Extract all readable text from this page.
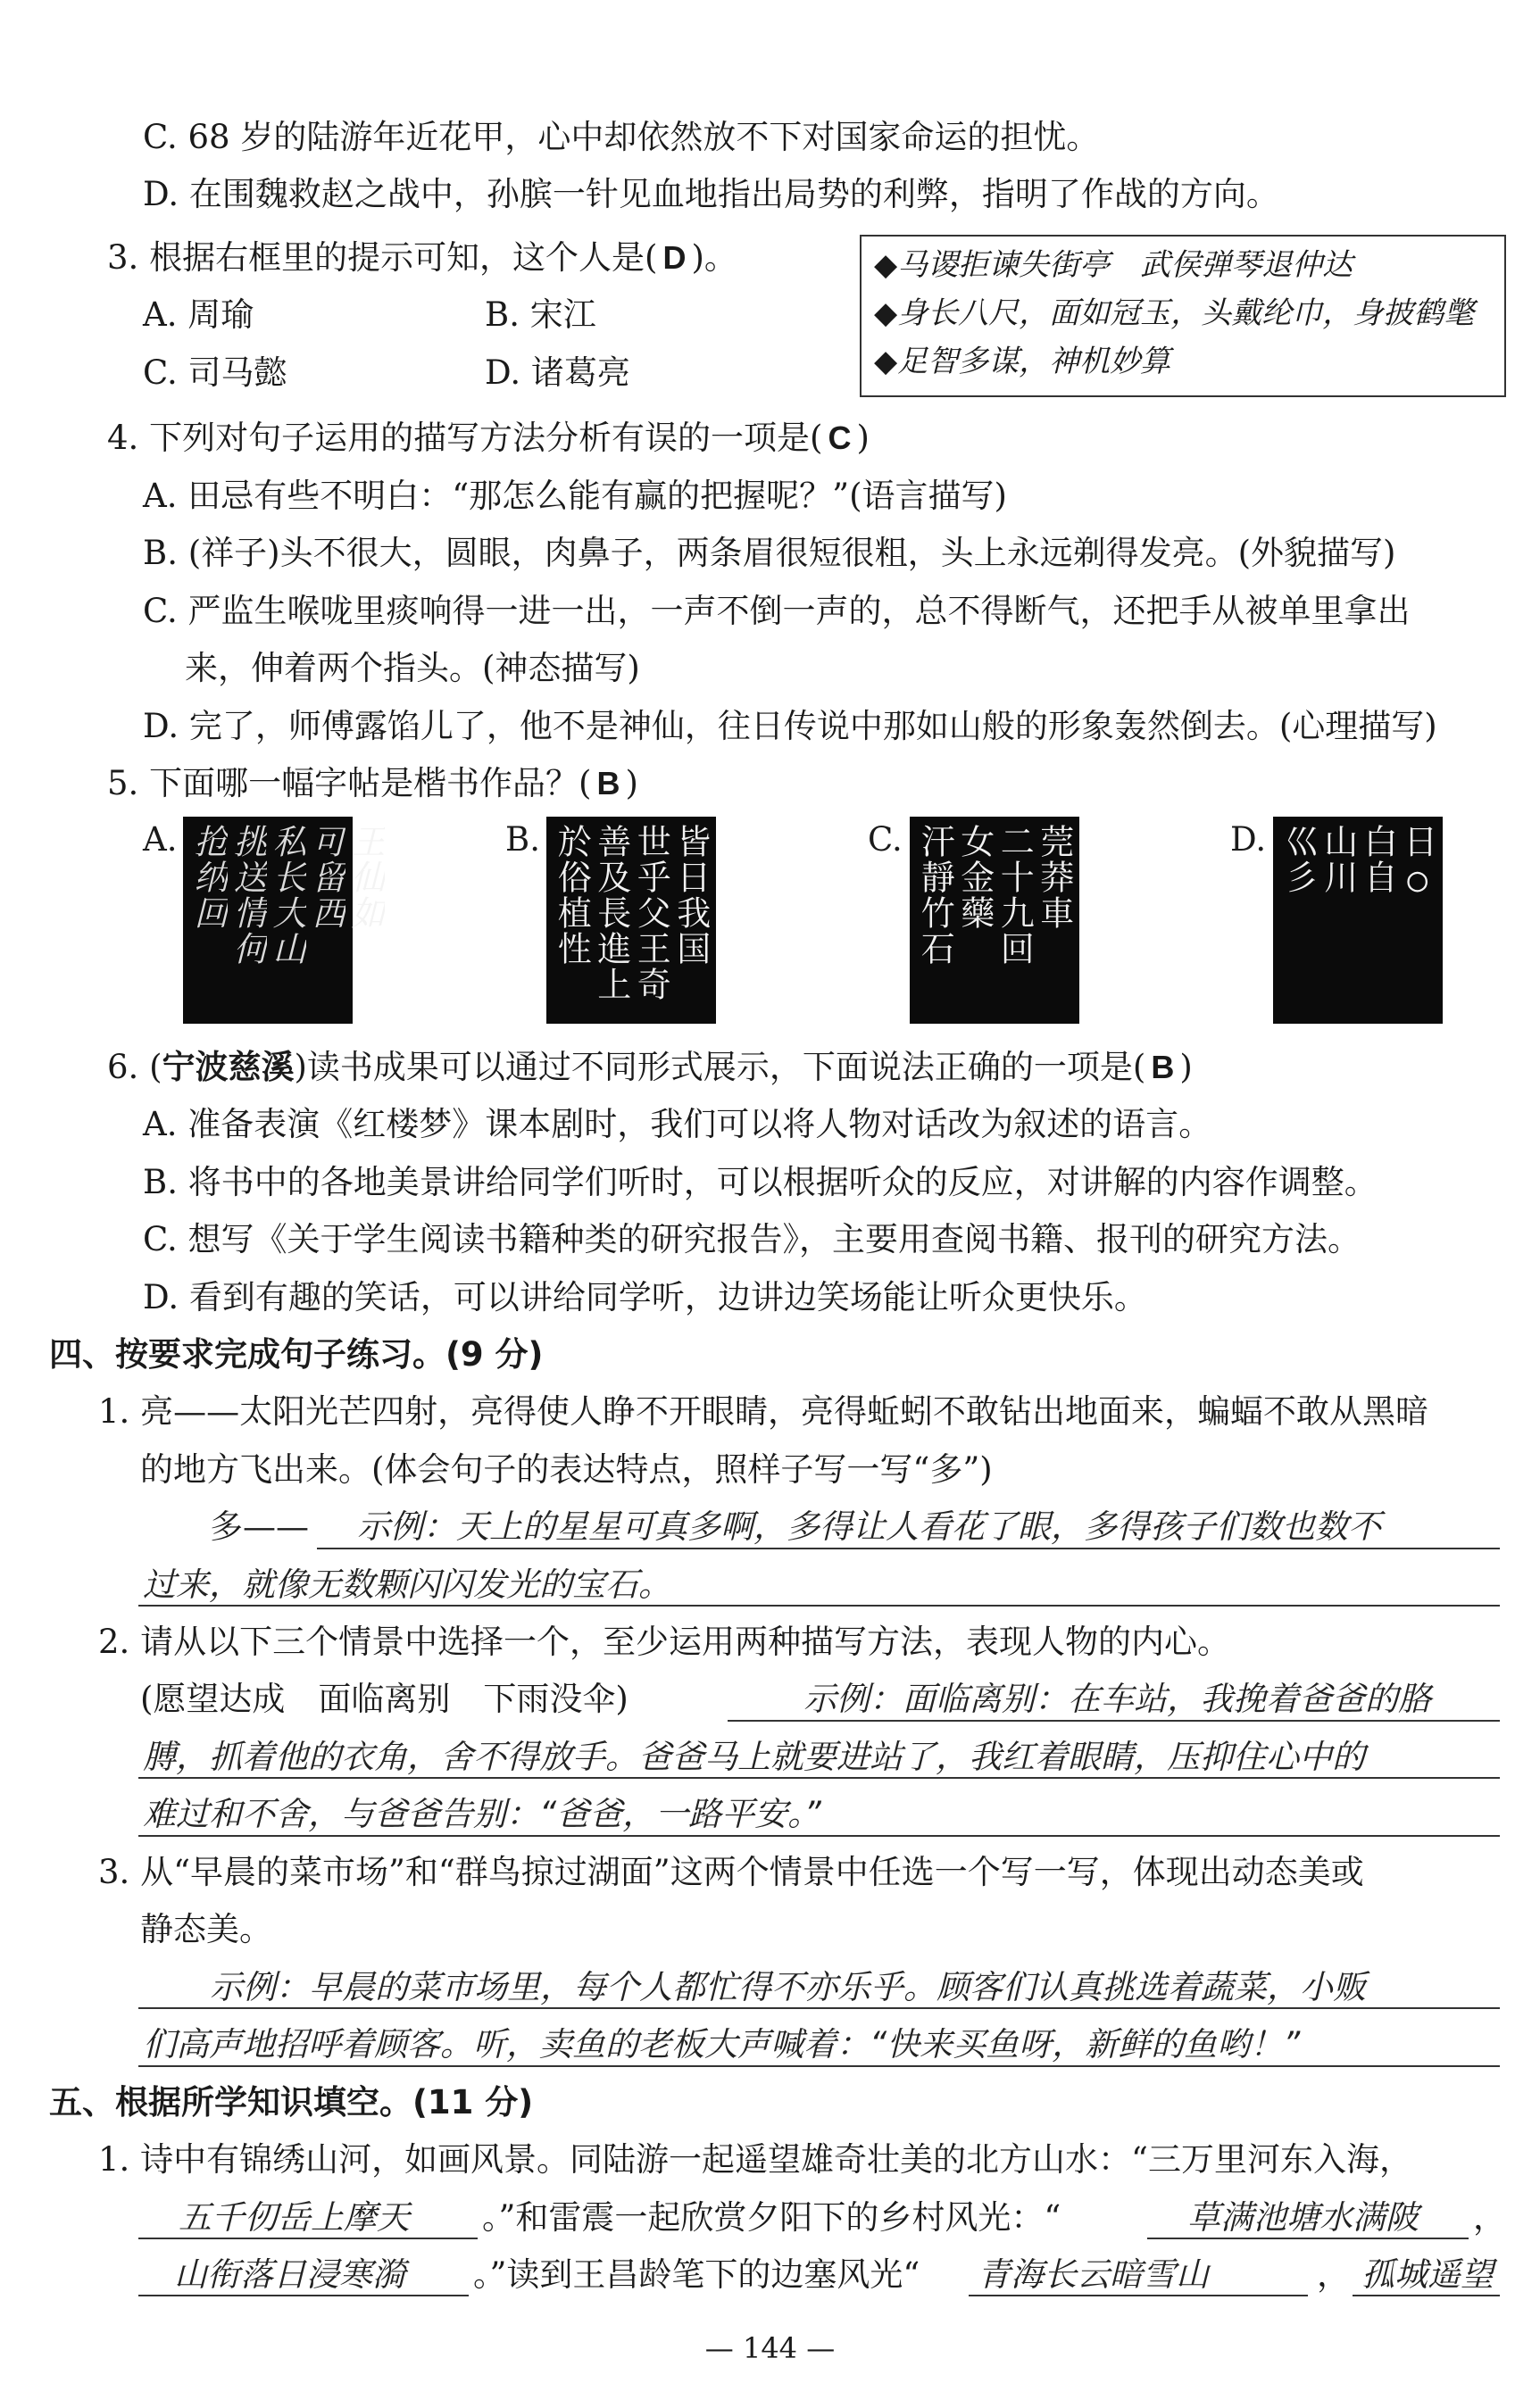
C. 68 岁的陆游年近花甲，心中却依然放不下对国家命运的担忧。
D. 在围魏救赵之战中，孙膑一针见血地指出局势的利弊，指明了作战的方向。
3. 根据右框里的提示可知，这个人是( D )。
A. 周瑜	B. 宋江
C. 司马懿	D. 诸葛亮
◆马谡拒谏失街亭　武侯弹琴退仲达
◆身长八尺，面如冠玉，头戴纶巾，身披鹤氅
◆足智多谋，神机妙算
4. 下列对句子运用的描写方法分析有误的一项是( C )
A. 田忌有些不明白：“那怎么能有赢的把握呢？”(语言描写)
B. (祥子)头不很大，圆眼，肉鼻子，两条眉很短很粗，头上永远剃得发亮。(外貌描写)
C. 严监生喉咙里痰响得一进一出，一声不倒一声的，总不得断气，还把手从被单里拿出
来，伸着两个指头。(神态描写)
D. 完了，师傅露馅儿了，他不是神仙，往日传说中那如山般的形象轰然倒去。(心理描写)
5. 下面哪一幅字帖是楷书作品？( B )
A.	王仙如
可留西
私长大山
挑送情何
抢纳回	B.	皆日我国
世乎父王奇
善及長進上
於俗植性	C.	莞莽車
二十九回
女金藥
汗靜竹石	D.	日○
白自
山川
巛彡
6. (宁波慈溪)读书成果可以通过不同形式展示，下面说法正确的一项是( B )
A. 准备表演《红楼梦》课本剧时，我们可以将人物对话改为叙述的语言。
B. 将书中的各地美景讲给同学们听时，可以根据听众的反应，对讲解的内容作调整。
C. 想写《关于学生阅读书籍种类的研究报告》，主要用查阅书籍、报刊的研究方法。
D. 看到有趣的笑话，可以讲给同学听，边讲边笑场能让听众更快乐。
四、按要求完成句子练习。(9 分)
1. 亮——太阳光芒四射，亮得使人睁不开眼睛，亮得蚯蚓不敢钻出地面来，蝙蝠不敢从黑暗
的地方飞出来。(体会句子的表达特点，照样子写一写“多”)
多—— 示例：天上的星星可真多啊，多得让人看花了眼，多得孩子们数也数不
过来，就像无数颗闪闪发光的宝石。
2. 请从以下三个情景中选择一个，至少运用两种描写方法，表现人物的内心。
(愿望达成　面临离别　下雨没伞)	示例：面临离别：在车站，我挽着爸爸的胳
膊，抓着他的衣角，舍不得放手。爸爸马上就要进站了，我红着眼睛，压抑住心中的
难过和不舍，与爸爸告别：“爸爸，一路平安。”
3. 从“早晨的菜市场”和“群鸟掠过湖面”这两个情景中任选一个写一写，体现出动态美或
静态美。
示例：早晨的菜市场里，每个人都忙得不亦乐乎。顾客们认真挑选着蔬菜，小贩
们高声地招呼着顾客。听，卖鱼的老板大声喊着：“快来买鱼呀，新鲜的鱼哟！”
五、根据所学知识填空。(11 分)
1. 诗中有锦绣山河，如画风景。同陆游一起遥望雄奇壮美的北方山水：“三万里河东入海，
五千仞岳上摩天 。”和雷震一起欣赏夕阳下的乡村风光：“	草满池塘水满陂 ，
山衔落日浸寒漪 。”读到王昌龄笔下的边塞风光“ 青海长云暗雪山	， 孤城遥望
— 144 —
